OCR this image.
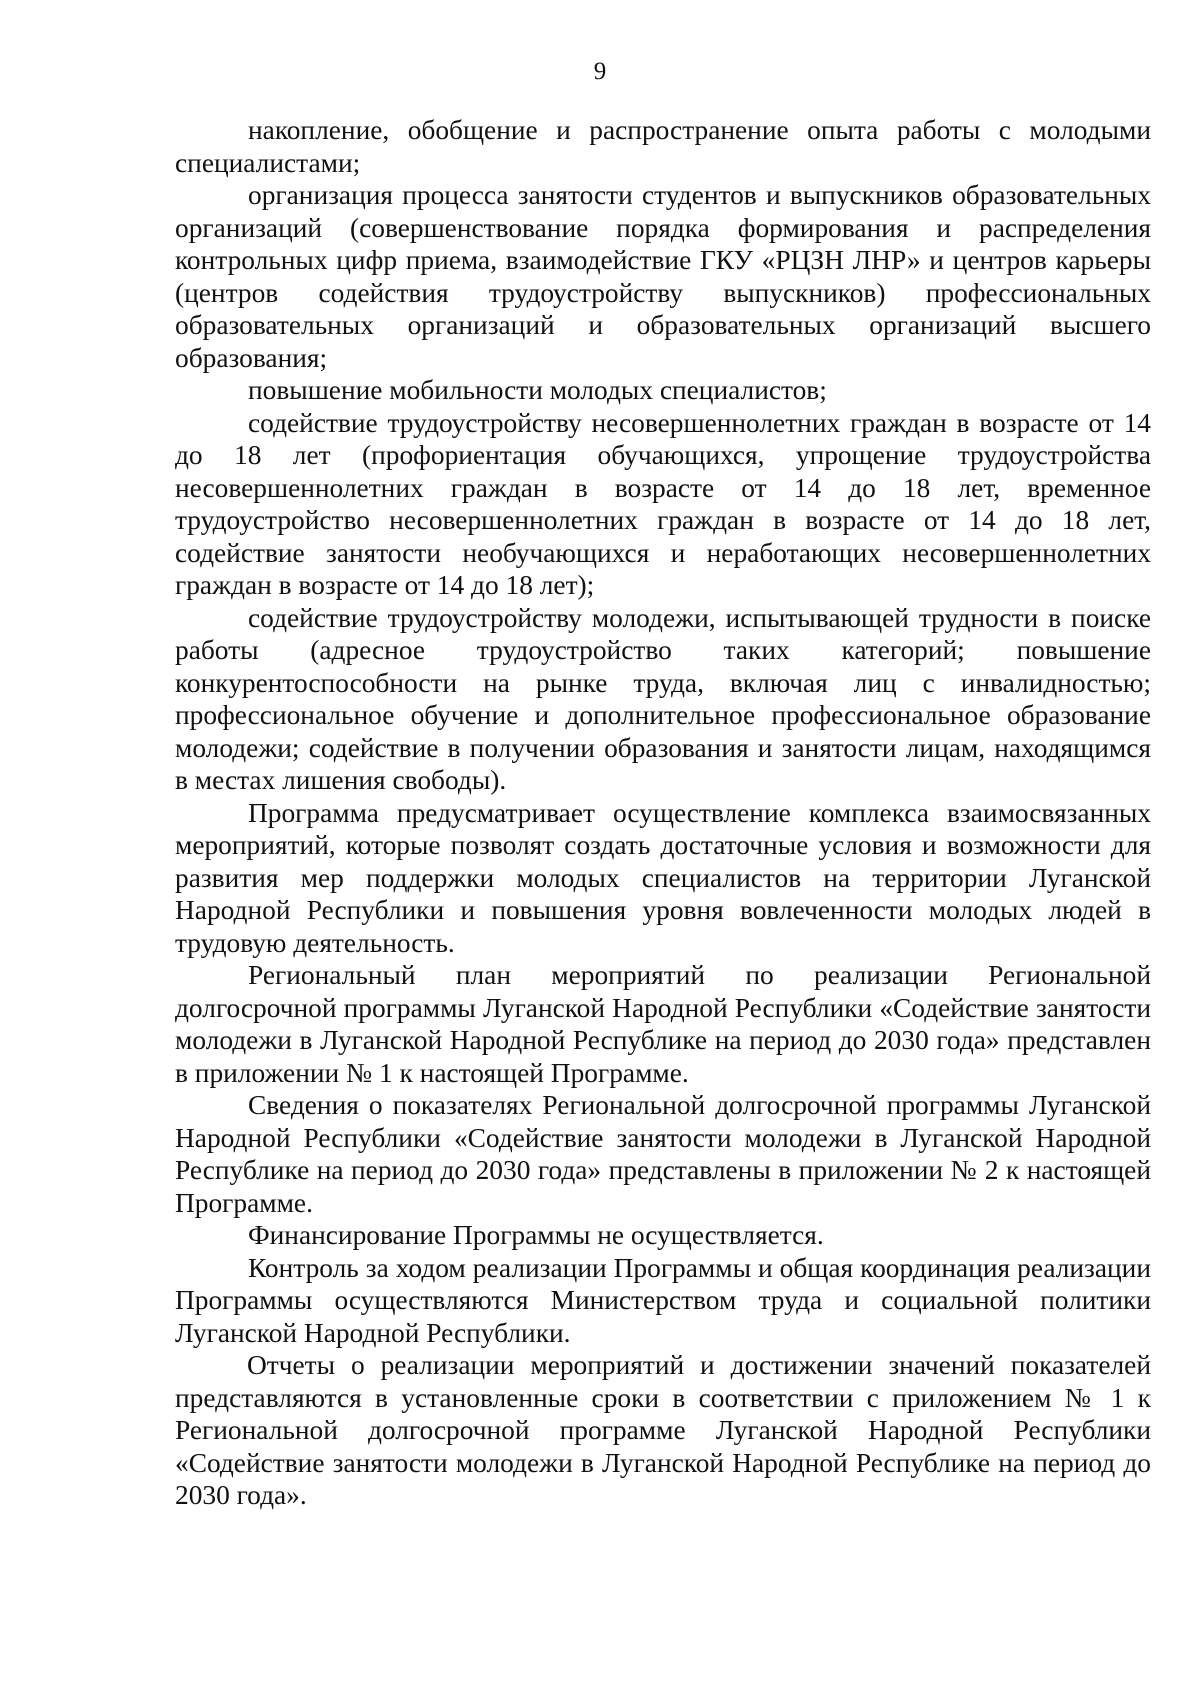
9

накопление, обобщение и распространение опыта работы с молодыми специалистами;

организация процесса занятости студентов и выпускников образовательных организаций (совершенствование порядка формирования и распределения контрольных цифр приема, взаимодействие ГКУ «РЦЗН ЛНР» и центров карьеры (центров содействия трудоустройству выпускников) профессиональных образовательных организаций и образовательных организаций высшего образования;

повышение мобильности молодых специалистов;

содействие трудоустройству несовершеннолетних граждан в возрасте от 14 до 18 лет (профориентация обучающихся, упрощение трудоустройства несовершеннолетних граждан в возрасте от 14 до 18 лет, временное трудоустройство несовершеннолетних граждан в возрасте от 14 до 18 лет, содействие занятости необучающихся и неработающих несовершеннолетних граждан в возрасте от 14 до 18 лет);

содействие трудоустройству молодежи, испытывающей трудности в поиске работы (адресное трудоустройство таких категорий; повышение конкурентоспособности на рынке труда, включая лиц с инвалидностью; профессиональное обучение и дополнительное профессиональное образование молодежи; содействие в получении образования и занятости лицам, находящимся в местах лишения свободы).

Программа предусматривает осуществление комплекса взаимосвязанных мероприятий, которые позволят создать достаточные условия и возможности для развития мер поддержки молодых специалистов на территории Луганской Народной Республики и повышения уровня вовлеченности молодых людей в трудовую деятельность.

Региональный план мероприятий по реализации Региональной долгосрочной программы Луганской Народной Республики «Содействие занятости молодежи в Луганской Народной Республике на период до 2030 года» представлен в приложении № 1 к настоящей Программе.

Сведения о показателях Региональной долгосрочной программы Луганской Народной Республики «Содействие занятости молодежи в Луганской Народной Республике на период до 2030 года» представлены в приложении № 2 к настоящей Программе.

Финансирование Программы не осуществляется.

Контроль за ходом реализации Программы и общая координация реализации Программы осуществляются Министерством труда и социальной политики Луганской Народной Республики.

Отчеты о реализации мероприятий и достижении значений показателей представляются в установленные сроки в соответствии с приложением № 1 к Региональной долгосрочной программе Луганской Народной Республики «Содействие занятости молодежи в Луганской Народной Республике на период до 2030 года».
